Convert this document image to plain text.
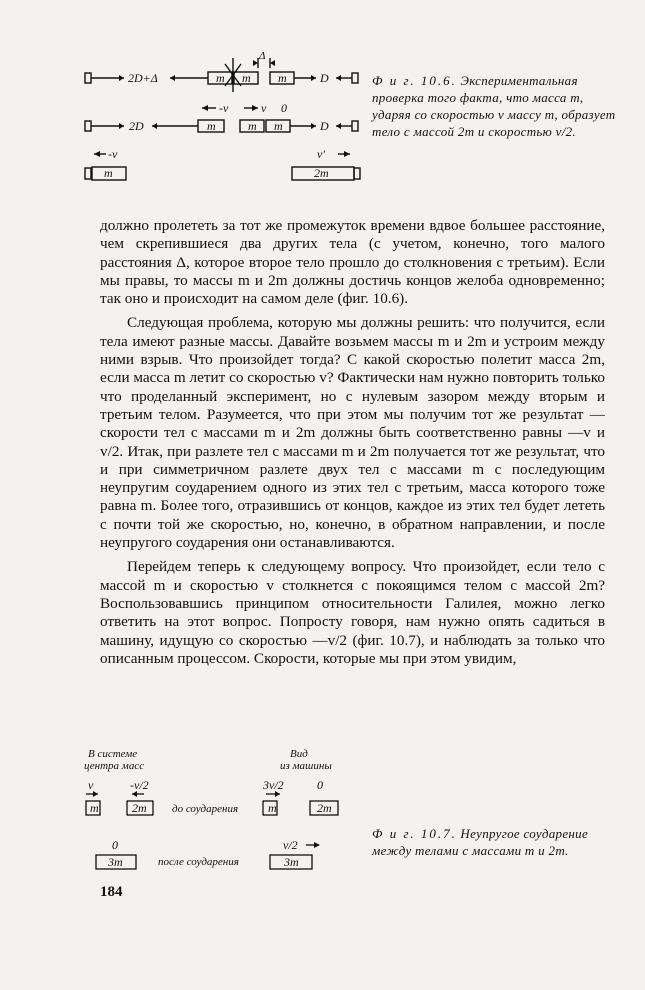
2D+Δ	D
Δ
m m m
2D	D
m	m m
-v	v 0
-v	v'
m	2m
Ф и г. 10.6. Экспериментальная проверка того факта, что масса m, ударяя со скоростью v массу m, образует тело с массой 2m и скоростью v/2.

должно пролететь за тот же промежуток времени вдвое большее расстояние, чем скрепившиеся два других тела (с учетом, конечно, того малого расстояния Δ, которое второе тело прошло до столкновения с третьим). Если мы правы, то массы m и 2m должны достичь концов желоба одновременно; так оно и происходит на самом деле (фиг. 10.6).

Следующая проблема, которую мы должны решить: что получится, если тела имеют разные массы. Давайте возьмем массы m и 2m и устроим между ними взрыв. Что произойдет тогда? С какой скоростью полетит масса 2m, если масса m летит со скоростью v? Фактически нам нужно повторить только что проделанный эксперимент, но с нулевым зазором между вторым и третьим телом. Разумеется, что при этом мы получим тот же результат — скорости тел с массами m и 2m должны быть соответственно равны —v и v/2. Итак, при разлете тел с массами m и 2m получается тот же результат, что и при симметричном разлете двух тел с массами m с последующим неупругим соударением одного из этих тел с третьим, масса которого тоже равна m. Более того, отразившись от концов, каждое из этих тел будет лететь с почти той же скоростью, но, конечно, в обратном направлении, и после неупругого соударения они останавливаются.

Перейдем теперь к следующему вопросу. Что произойдет, если тело с массой m и скоростью v столкнется с покоящимся телом с массой 2m? Воспользовавшись принципом относительности Галилея, можно легко ответить на этот вопрос. Попросту говоря, нам нужно опять садиться в машину, идущую со скоростью —v/2 (фиг. 10.7), и наблюдать за только что описанным процессом. Скорости, которые мы при этом увидим,

В системе
центра масс
Вид
из машины
v	-v/2	3v/2	0
m	2m до соударения m	2m
0	v/2
3m	после соударения	3m
Ф и г. 10.7. Неупругое соударение между телами с массами m и 2m.
184
